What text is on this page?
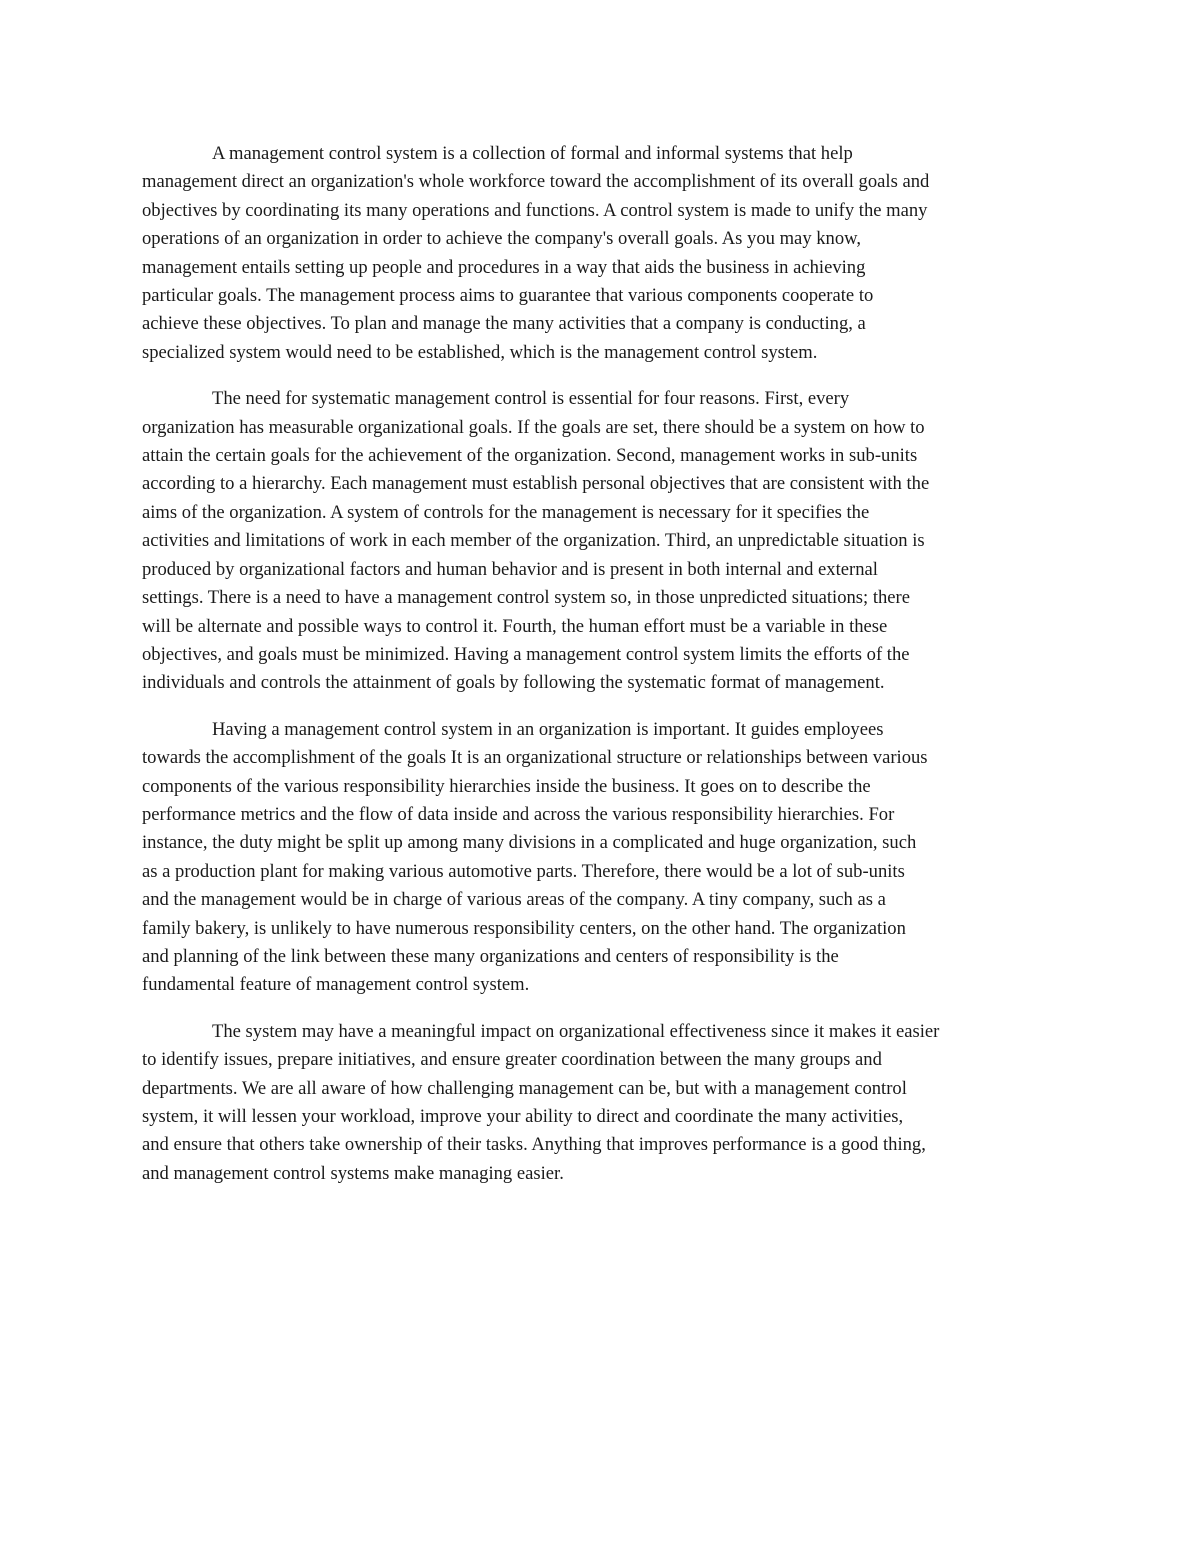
A management control system is a collection of formal and informal systems that help
management direct an organization's whole workforce toward the accomplishment of its overall goals and
objectives by coordinating its many operations and functions. A control system is made to unify the many
operations of an organization in order to achieve the company's overall goals. As you may know,
management entails setting up people and procedures in a way that aids the business in achieving
particular goals. The management process aims to guarantee that various components cooperate to
achieve these objectives. To plan and manage the many activities that a company is conducting, a
specialized system would need to be established, which is the management control system.

The need for systematic management control is essential for four reasons. First, every
organization has measurable organizational goals. If the goals are set, there should be a system on how to
attain the certain goals for the achievement of the organization. Second, management works in sub-units
according to a hierarchy. Each management must establish personal objectives that are consistent with the
aims of the organization. A system of controls for the management is necessary for it specifies the
activities and limitations of work in each member of the organization. Third, an unpredictable situation is
produced by organizational factors and human behavior and is present in both internal and external
settings. There is a need to have a management control system so, in those unpredicted situations; there
will be alternate and possible ways to control it. Fourth, the human effort must be a variable in these
objectives, and goals must be minimized. Having a management control system limits the efforts of the
individuals and controls the attainment of goals by following the systematic format of management.

Having a management control system in an organization is important. It guides employees
towards the accomplishment of the goals It is an organizational structure or relationships between various
components of the various responsibility hierarchies inside the business. It goes on to describe the
performance metrics and the flow of data inside and across the various responsibility hierarchies. For
instance, the duty might be split up among many divisions in a complicated and huge organization, such
as a production plant for making various automotive parts. Therefore, there would be a lot of sub-units
and the management would be in charge of various areas of the company. A tiny company, such as a
family bakery, is unlikely to have numerous responsibility centers, on the other hand. The organization
and planning of the link between these many organizations and centers of responsibility is the
fundamental feature of management control system.

The system may have a meaningful impact on organizational effectiveness since it makes it easier
to identify issues, prepare initiatives, and ensure greater coordination between the many groups and
departments. We are all aware of how challenging management can be, but with a management control
system, it will lessen your workload, improve your ability to direct and coordinate the many activities,
and ensure that others take ownership of their tasks. Anything that improves performance is a good thing,
and management control systems make managing easier.
